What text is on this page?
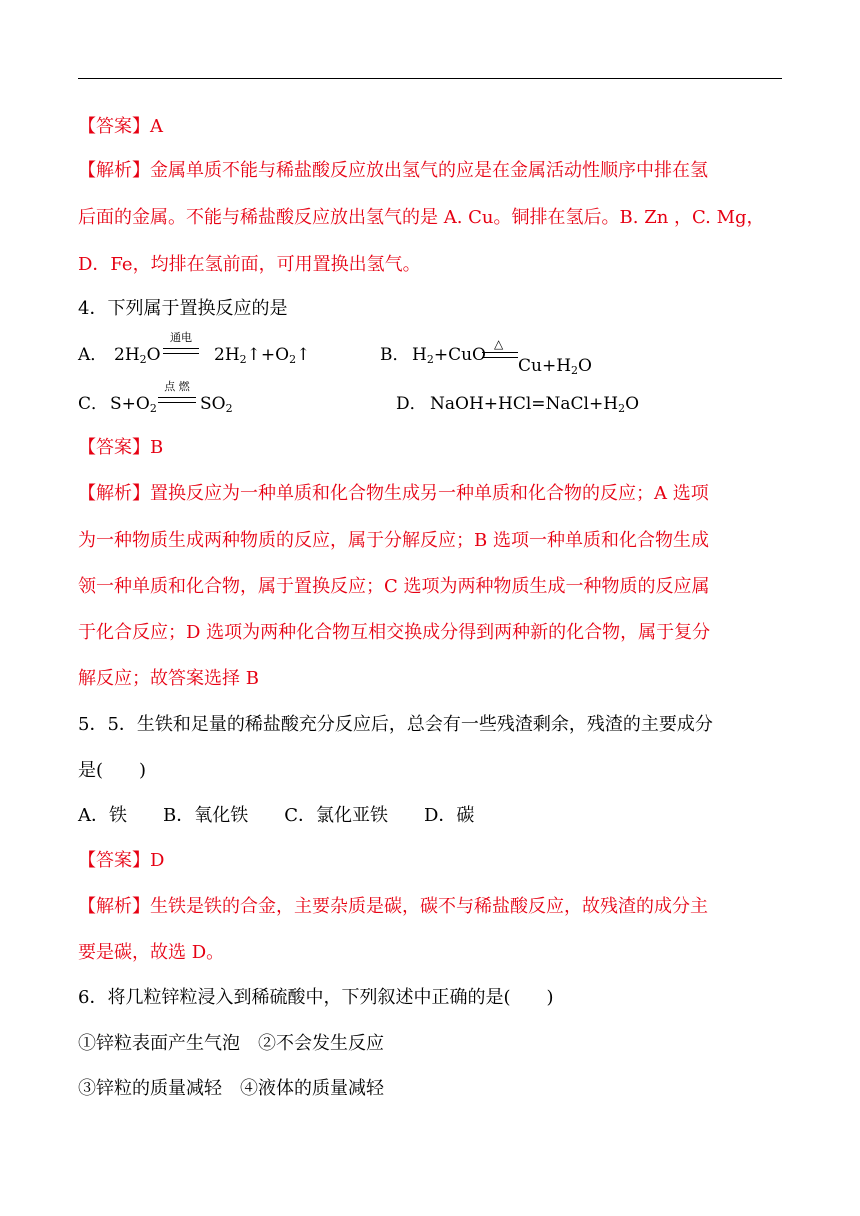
【答案】A
【解析】金属单质不能与稀盐酸反应放出氢气的应是在金属活动性顺序中排在氢
后面的金属。不能与稀盐酸反应放出氢气的是 A. Cu。铜排在氢后。B. Zn ，C. Mg，
D．Fe，均排在氢前面，可用置换出氢气。
4．下列属于置换反应的是
A． $2H_2O$
通电
$2H_2↑+O_2↑$	B． $H_2+CuO$
△
$Cu+H_2O$
C． $S+O_2$
点 燃
$SO_2$	D． $NaOH+HCl=NaCl+H_2O$
【答案】B
【解析】置换反应为一种单质和化合物生成另一种单质和化合物的反应；A 选项
为一种物质生成两种物质的反应，属于分解反应；B 选项一种单质和化合物生成
领一种单质和化合物，属于置换反应；C 选项为两种物质生成一种物质的反应属
于化合反应；D 选项为两种化合物互相交换成分得到两种新的化合物，属于复分
解反应；故答案选择 B
5．5．生铁和足量的稀盐酸充分反应后，总会有一些残渣剩余，残渣的主要成分
是(　　)
A．铁　　B．氧化铁　　C．氯化亚铁　　D．碳
【答案】D
【解析】生铁是铁的合金，主要杂质是碳，碳不与稀盐酸反应，故残渣的成分主
要是碳，故选 D。
6．将几粒锌粒浸入到稀硫酸中，下列叙述中正确的是(　　)
①锌粒表面产生气泡　②不会发生反应
③锌粒的质量减轻　④液体的质量减轻
